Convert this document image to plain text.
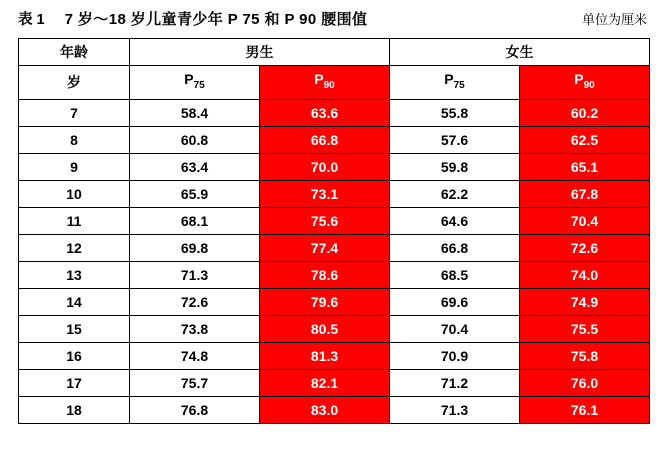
表 1 7 岁～18 岁儿童青少年 P 75 和 P 90 腰围值	单位为厘米
年龄	男生		女生	
岁	$P_{75}$	$P_{90}$	$P_{75}$	$P_{90}$
7	58.4	63.6	55.8	60.2
8	60.8	66.8	57.6	62.5
9	63.4	70.0	59.8	65.1
10	65.9	73.1	62.2	67.8
11	68.1	75.6	64.6	70.4
12	69.8	77.4	66.8	72.6
13	71.3	78.6	68.5	74.0
14	72.6	79.6	69.6	74.9
15	73.8	80.5	70.4	75.5
16	74.8	81.3	70.9	75.8
17	75.7	82.1	71.2	76.0
18	76.8	83.0	71.3	76.1
